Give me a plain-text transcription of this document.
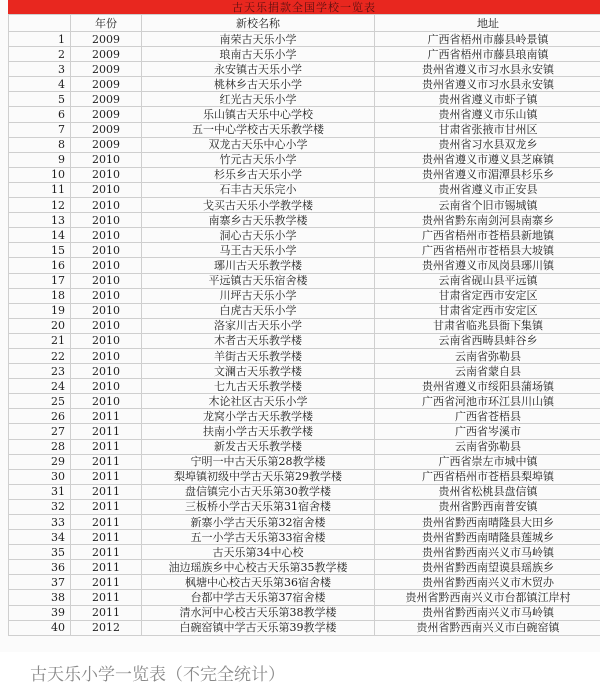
古天乐捐款全国学校一览表
	年份	新校名称	地址
1	2009	南荣古天乐小学	广西省梧州市藤县岭景镇
2	2009	琅南古天乐小学	广西省梧州市藤县琅南镇
3	2009	永安镇古天乐小学	贵州省遵义市习水县永安镇
4	2009	桃林乡古天乐小学	贵州省遵义市习水县永安镇
5	2009	红光古天乐小学	贵州省遵义市虾子镇
6	2009	乐山镇古天乐中心学校	贵州省遵义市乐山镇
7	2009	五一中心学校古天乐教学楼	甘肃省张掖市甘州区
8	2009	双龙古天乐中心小学	贵州省习水县双龙乡
9	2010	竹元古天乐小学	贵州省遵义市遵义县芝麻镇
10	2010	杉乐乡古天乐小学	贵州省遵义市湄潭县杉乐乡
11	2010	石丰古天乐完小	贵州省遵义市正安县
12	2010	戈买古天乐小学教学楼	云南省个旧市锡城镇
13	2010	南寨乡古天乐教学楼	贵州省黔东南剑河县南寨乡
14	2010	洞心古天乐小学	广西省梧州市苍梧县新地镇
15	2010	马王古天乐小学	广西省梧州市苍梧县大坡镇
16	2010	琊川古天乐教学楼	贵州省遵义市凤岗县琊川镇
17	2010	平远镇古天乐宿舍楼	云南省砚山县平远镇
18	2010	川坪古天乐小学	甘肃省定西市安定区
19	2010	白虎古天乐小学	甘肃省定西市安定区
20	2010	洛家川古天乐小学	甘肃省临兆县衙下集镇
21	2010	木者古天乐教学楼	云南省西畴县蚌谷乡
22	2010	羊街古天乐教学楼	云南省弥勒县
23	2010	文澜古天乐教学楼	云南省蒙自县
24	2010	七九古天乐教学楼	贵州省遵义市绥阳县蒲场镇
25	2010	木论社区古天乐小学	广西省河池市环江县川山镇
26	2011	龙窝小学古天乐教学楼	广西省苍梧县
27	2011	扶南小学古天乐教学楼	广西省岑溪市
28	2011	新发古天乐教学楼	云南省弥勒县
29	2011	宁明一中古天乐第28教学楼	广西省崇左市城中镇
30	2011	梨埠镇初级中学古天乐第29教学楼	广西省梧州市苍梧县梨埠镇
31	2011	盘信镇完小古天乐第30教学楼	贵州省松桃县盘信镇
32	2011	三板桥小学古天乐第31宿舍楼	贵州省黔西南普安镇
33	2011	新寨小学古天乐第32宿舍楼	贵州省黔西南晴隆县大田乡
34	2011	五一小学古天乐第33宿舍楼	贵州省黔西南晴隆县莲城乡
35	2011	古天乐第34中心校	贵州省黔西南兴义市马岭镇
36	2011	油边瑶族乡中心校古天乐第35教学楼	贵州省黔西南望谟县瑶族乡
37	2011	枫塘中心校古天乐第36宿舍楼	贵州省黔西南兴义市木贸办
38	2011	台都中学古天乐第37宿舍楼	贵州省黔西南兴义市台都镇江岸村
39	2011	清水河中心校古天乐第38教学楼	贵州省黔西南兴义市马岭镇
40	2012	白碗窑镇中学古天乐第39教学楼	贵州省黔西南兴义市白碗窑镇
古天乐小学一览表（不完全统计）
